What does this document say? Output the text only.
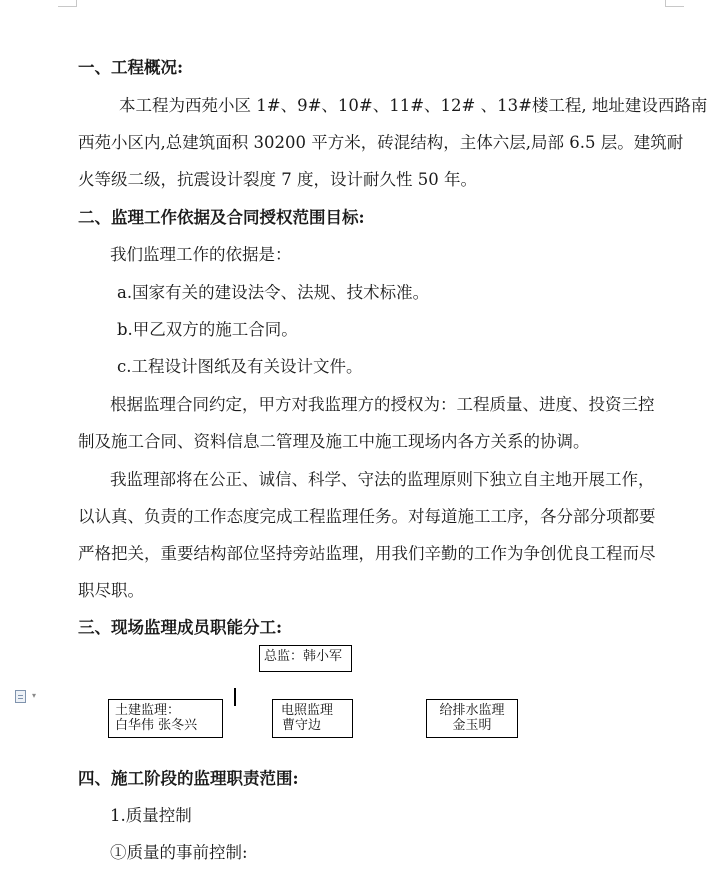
一、工程概况:
本工程为西苑小区 1#、9#、10#、11#、12# 、13#楼工程, 地址建设西路南
西苑小区内,总建筑面积 30200 平方米，砖混结构，主体六层,局部 6.5 层。建筑耐
火等级二级，抗震设计裂度 7 度，设计耐久性 50 年。
二、监理工作依据及合同授权范围目标:
我们监理工作的依据是：
a.国家有关的建设法令、法规、技术标准。
b.甲乙双方的施工合同。
c.工程设计图纸及有关设计文件。
根据监理合同约定，甲方对我监理方的授权为：工程质量、进度、投资三控
制及施工合同、资料信息二管理及施工中施工现场内各方关系的协调。
我监理部将在公正、诚信、科学、守法的监理原则下独立自主地开展工作，
以认真、负责的工作态度完成工程监理任务。对每道施工工序，各分部分项都要
严格把关，重要结构部位坚持旁站监理，用我们辛勤的工作为争创优良工程而尽
职尽职。
三、现场监理成员职能分工:
总监：韩小军
土建监理：
白华伟 张冬兴
电照监理
曹守边
给排水监理
金玉明
▾
四、施工阶段的监理职责范围:
1.质量控制
①质量的事前控制:
